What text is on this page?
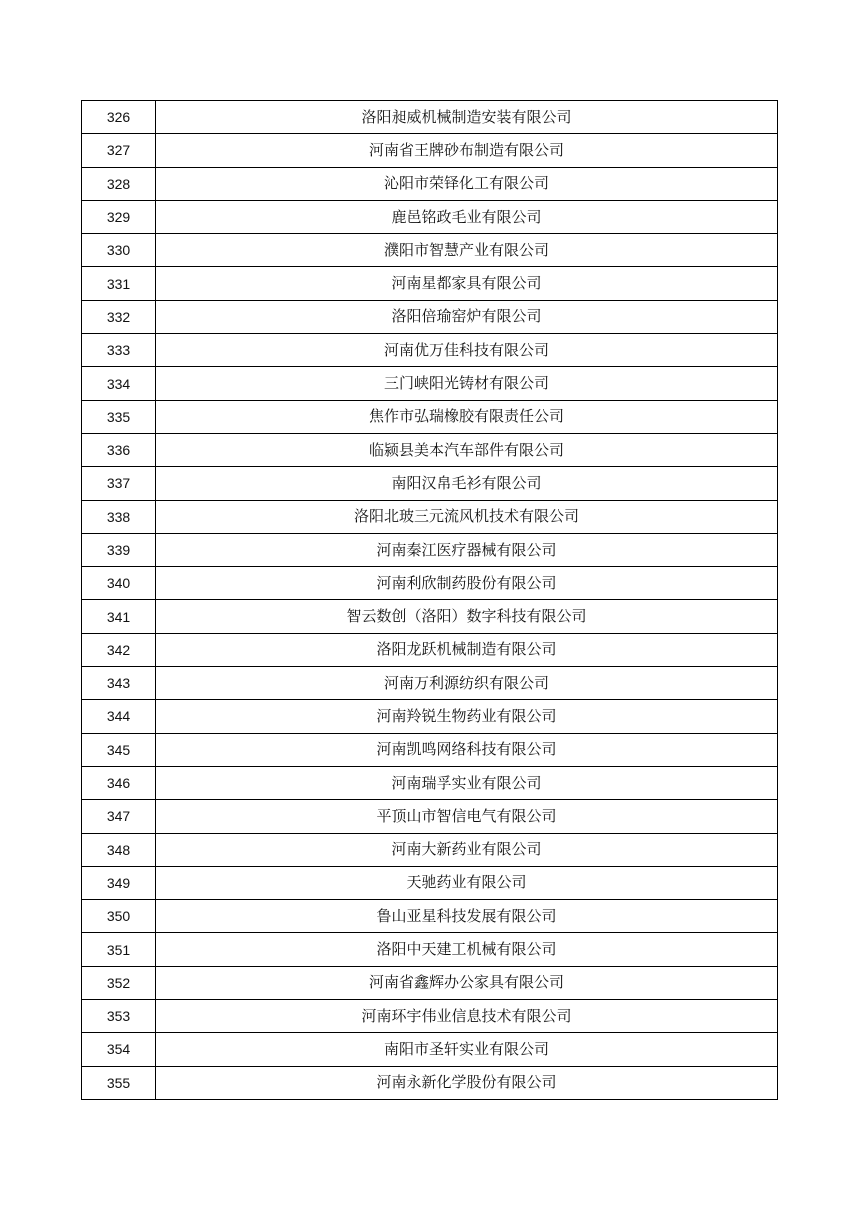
326	洛阳昶威机械制造安装有限公司
327	河南省王牌砂布制造有限公司
328	沁阳市荣铎化工有限公司
329	鹿邑铭政毛业有限公司
330	濮阳市智慧产业有限公司
331	河南星都家具有限公司
332	洛阳倍瑜窑炉有限公司
333	河南优万佳科技有限公司
334	三门峡阳光铸材有限公司
335	焦作市弘瑞橡胶有限责任公司
336	临颍县美本汽车部件有限公司
337	南阳汉帛毛衫有限公司
338	洛阳北玻三元流风机技术有限公司
339	河南秦江医疗器械有限公司
340	河南利欣制药股份有限公司
341	智云数创（洛阳）数字科技有限公司
342	洛阳龙跃机械制造有限公司
343	河南万利源纺织有限公司
344	河南羚锐生物药业有限公司
345	河南凯鸣网络科技有限公司
346	河南瑞孚实业有限公司
347	平顶山市智信电气有限公司
348	河南大新药业有限公司
349	天驰药业有限公司
350	鲁山亚星科技发展有限公司
351	洛阳中天建工机械有限公司
352	河南省鑫辉办公家具有限公司
353	河南环宇伟业信息技术有限公司
354	南阳市圣轩实业有限公司
355	河南永新化学股份有限公司
